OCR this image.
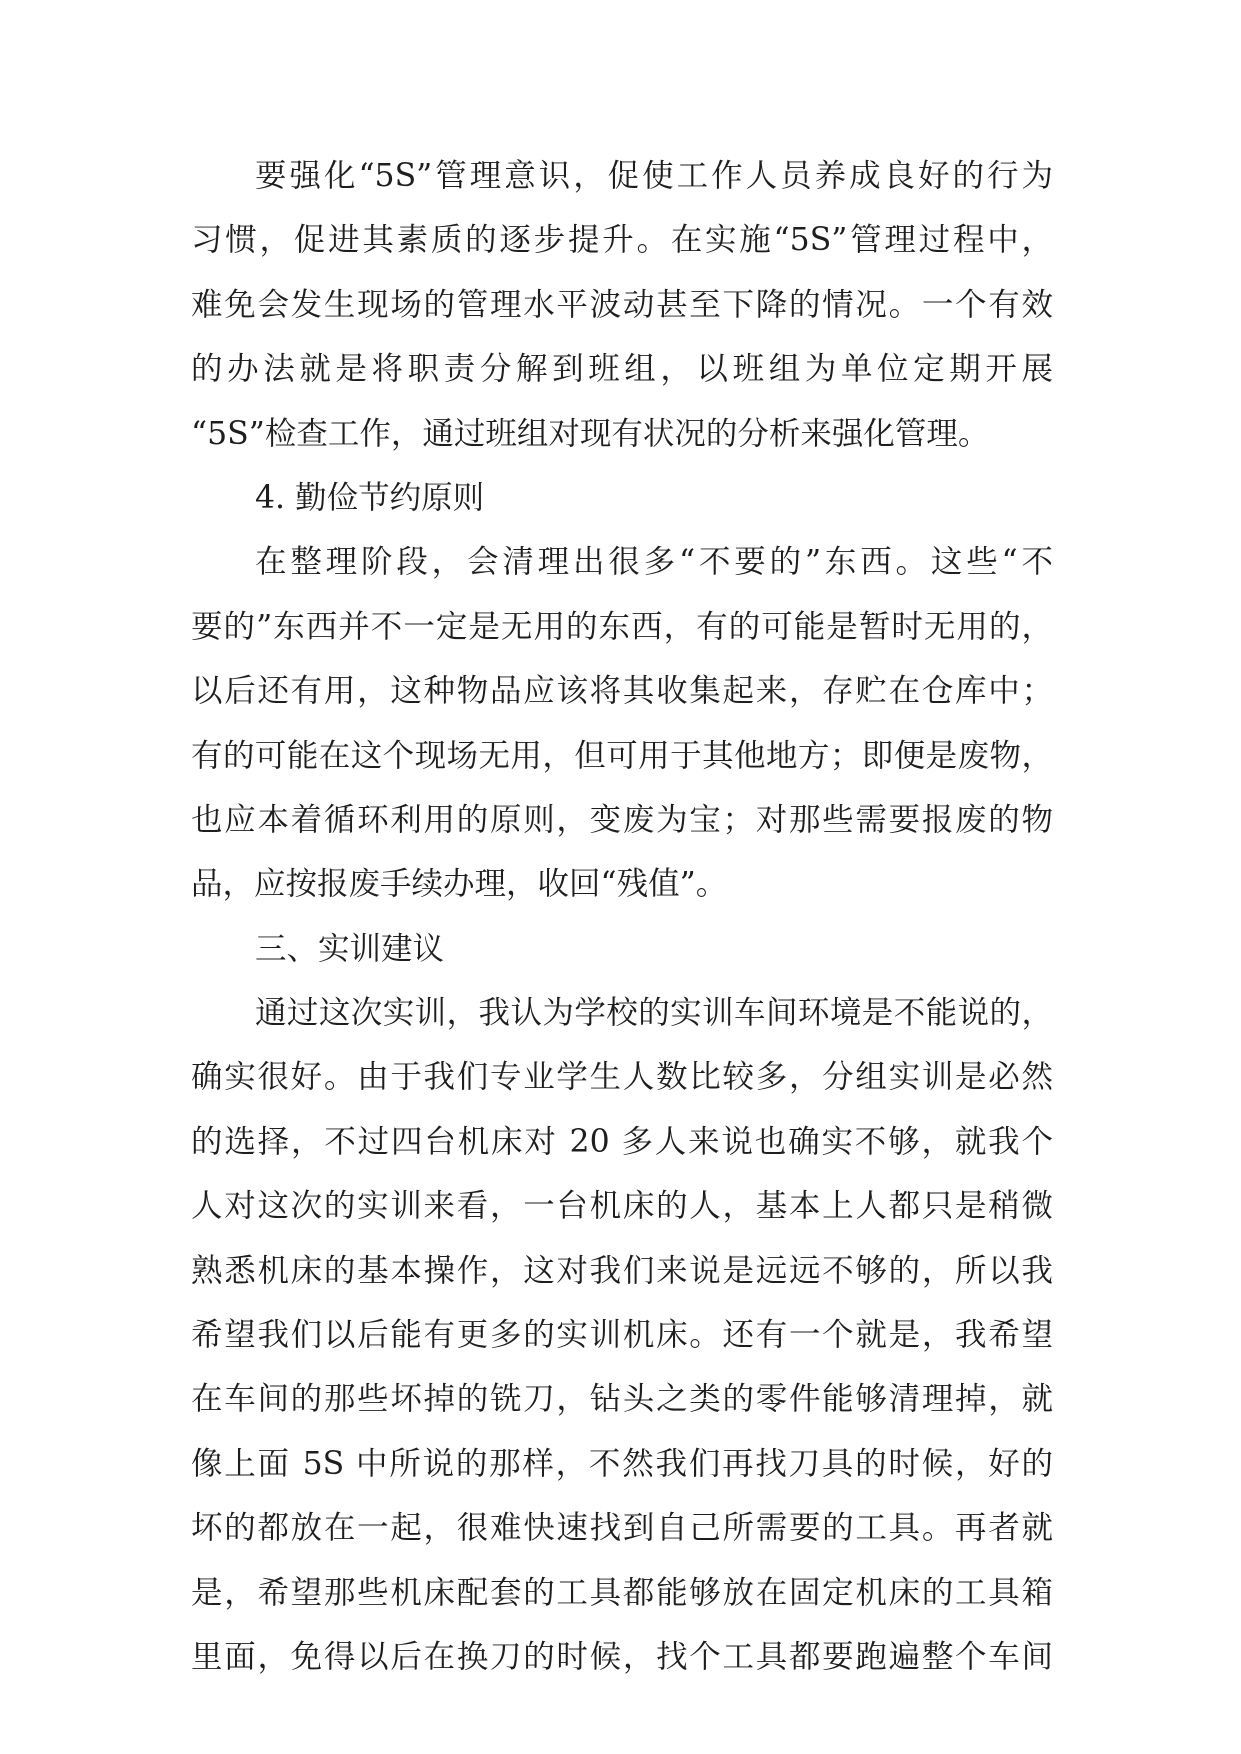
要强化“5S”管理意识，促使工作人员养成良好的行为
习惯，促进其素质的逐步提升。在实施“5S”管理过程中，
难免会发生现场的管理水平波动甚至下降的情况。一个有效
的办法就是将职责分解到班组，以班组为单位定期开展
“5S”检查工作，通过班组对现有状况的分析来强化管理。
4. 勤俭节约原则
在整理阶段，会清理出很多“不要的”东西。这些“不
要的”东西并不一定是无用的东西，有的可能是暂时无用的，
以后还有用，这种物品应该将其收集起来，存贮在仓库中；
有的可能在这个现场无用，但可用于其他地方；即便是废物，
也应本着循环利用的原则，变废为宝；对那些需要报废的物
品，应按报废手续办理，收回“残值”。
三、实训建议
通过这次实训，我认为学校的实训车间环境是不能说的，
确实很好。由于我们专业学生人数比较多，分组实训是必然
的选择，不过四台机床对 20 多人来说也确实不够，就我个
人对这次的实训来看，一台机床的人，基本上人都只是稍微
熟悉机床的基本操作，这对我们来说是远远不够的，所以我
希望我们以后能有更多的实训机床。还有一个就是，我希望
在车间的那些坏掉的铣刀，钻头之类的零件能够清理掉，就
像上面 5S 中所说的那样，不然我们再找刀具的时候，好的
坏的都放在一起，很难快速找到自己所需要的工具。再者就
是，希望那些机床配套的工具都能够放在固定机床的工具箱
里面，免得以后在换刀的时候，找个工具都要跑遍整个车间
